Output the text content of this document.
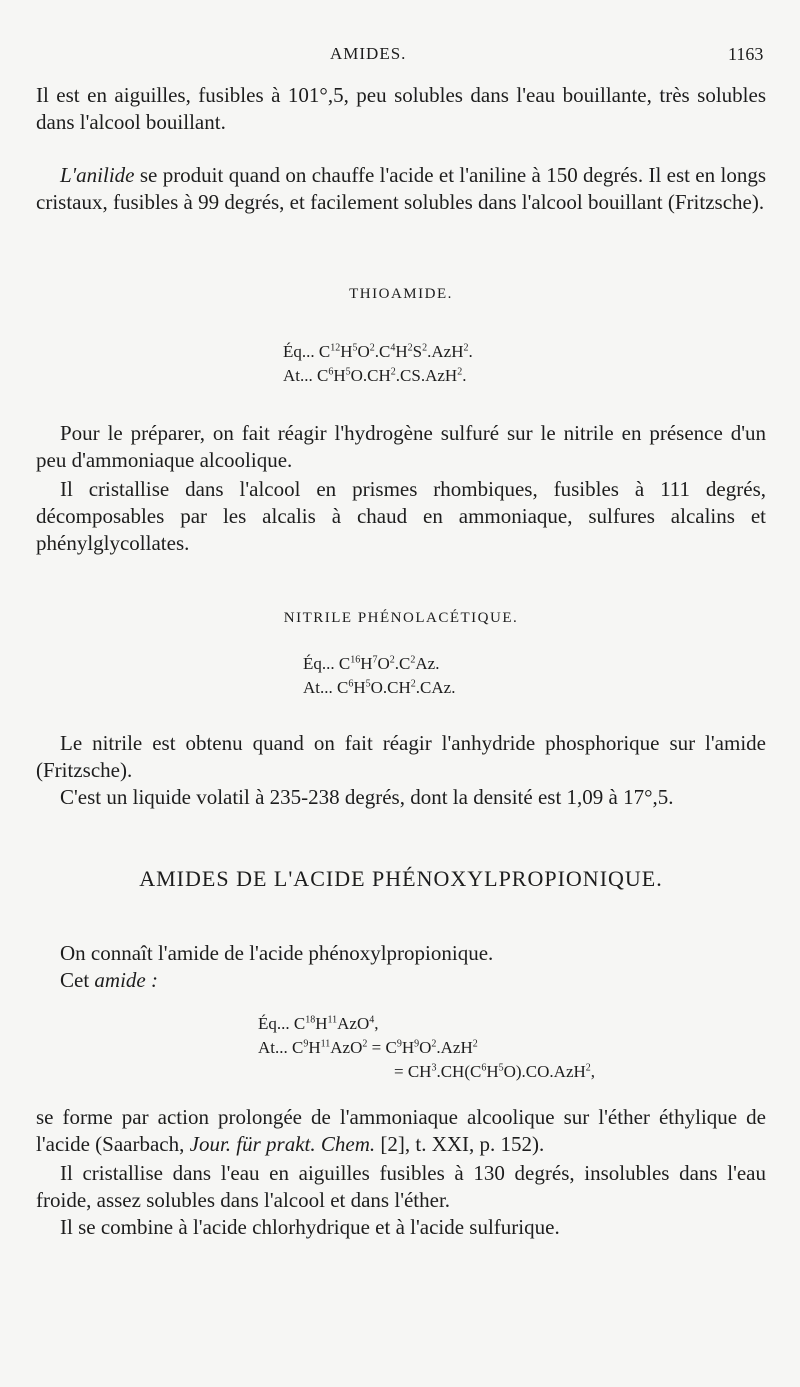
AMIDES.	1163

Il est en aiguilles, fusibles à 101°,5, peu solubles dans l'eau bouillante, très solubles dans l'alcool bouillant.

L'anilide se produit quand on chauffe l'acide et l'aniline à 150 degrés. Il est en longs cristaux, fusibles à 99 degrés, et facilement solubles dans l'alcool bouillant (Fritzsche).

THIOAMIDE.
Éq... $C^{12}H^5O^2.C^4H^2S^2.AzH^2$.
At... $C^6H^5O.CH^2.CS.AzH^2$.

Pour le préparer, on fait réagir l'hydrogène sulfuré sur le nitrile en présence d'un peu d'ammoniaque alcoolique.

Il cristallise dans l'alcool en prismes rhombiques, fusibles à 111 degrés, décomposables par les alcalis à chaud en ammoniaque, sulfures alcalins et phénylglycollates.

NITRILE PHÉNOLACÉTIQUE.
Éq... $C^{16}H^7O^2.C^2Az$.
At... $C^6H^5O.CH^2.CAz$.

Le nitrile est obtenu quand on fait réagir l'anhydride phosphorique sur l'amide (Fritzsche).

C'est un liquide volatil à 235-238 degrés, dont la densité est 1,09 à 17°,5.

AMIDES DE L'ACIDE PHÉNOXYLPROPIONIQUE.

On connaît l'amide de l'acide phénoxylpropionique.

Cet amide :

Éq... $C^{18}H^{11}AzO^4$,
At... $C^9H^{11}AzO^2 = C^9H^9O^2.AzH^2$
= $CH^3.CH(C^6H^5O).CO.AzH^2$,

se forme par action prolongée de l'ammoniaque alcoolique sur l'éther éthylique de l'acide (Saarbach, Jour. für prakt. Chem. [2], t. XXI, p. 152).

Il cristallise dans l'eau en aiguilles fusibles à 130 degrés, insolubles dans l'eau froide, assez solubles dans l'alcool et dans l'éther.

Il se combine à l'acide chlorhydrique et à l'acide sulfurique.
